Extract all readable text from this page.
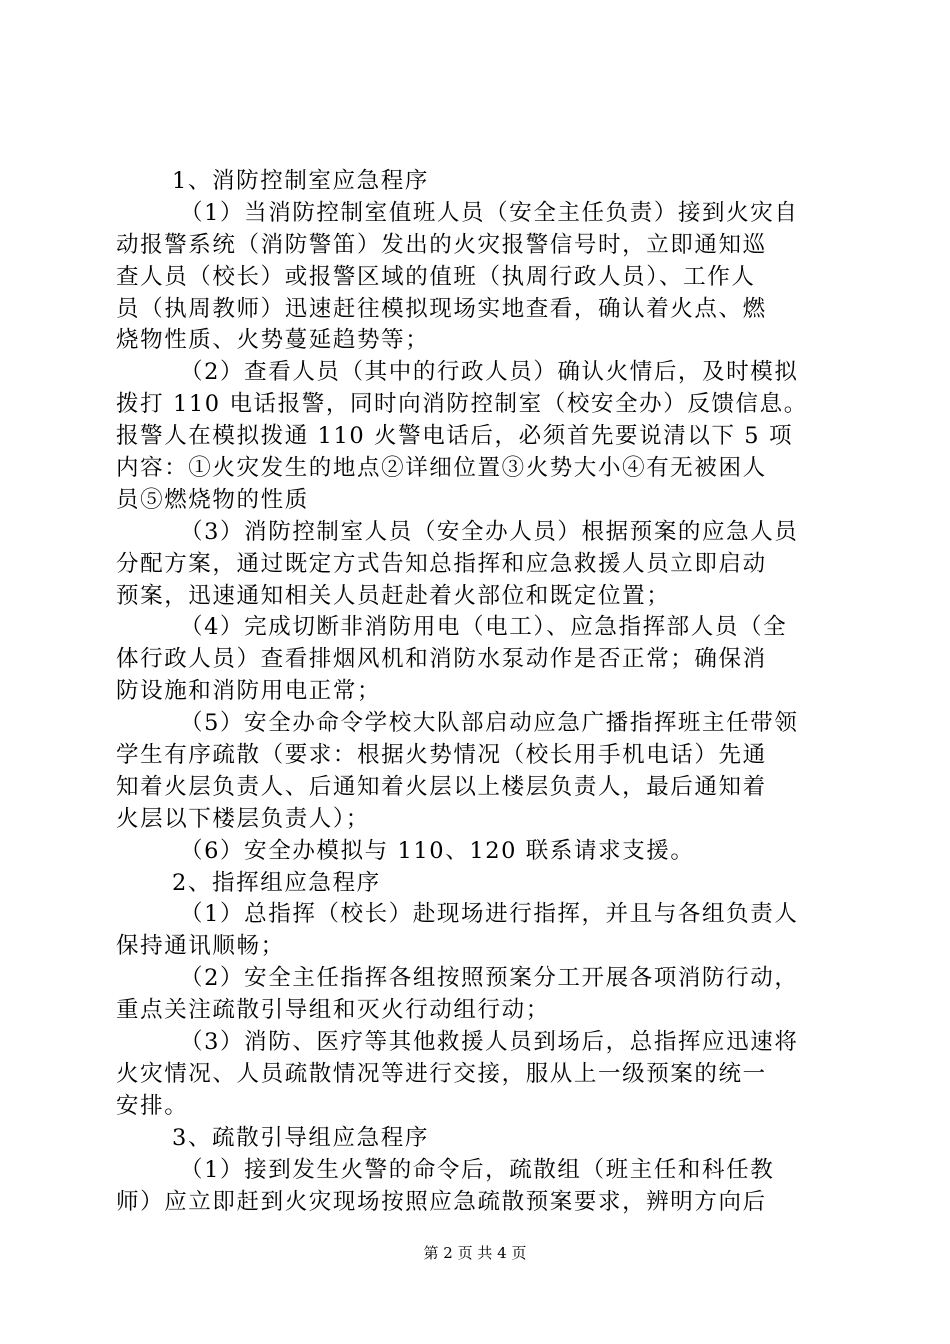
1、消防控制室应急程序
（1）当消防控制室值班人员（安全主任负责）接到火灾自
动报警系统（消防警笛）发出的火灾报警信号时，立即通知巡
查人员（校长）或报警区域的值班（执周行政人员）、工作人
员（执周教师）迅速赶往模拟现场实地查看，确认着火点、燃
烧物性质、火势蔓延趋势等；
（2）查看人员（其中的行政人员）确认火情后，及时模拟
拨打 110 电话报警，同时向消防控制室（校安全办）反馈信息。
报警人在模拟拨通 110 火警电话后，必须首先要说清以下 5 项
内容：①火灾发生的地点②详细位置③火势大小④有无被困人
员⑤燃烧物的性质
（3）消防控制室人员（安全办人员）根据预案的应急人员
分配方案，通过既定方式告知总指挥和应急救援人员立即启动
预案，迅速通知相关人员赶赴着火部位和既定位置；
（4）完成切断非消防用电（电工）、应急指挥部人员（全
体行政人员）查看排烟风机和消防水泵动作是否正常；确保消
防设施和消防用电正常；
（5）安全办命令学校大队部启动应急广播指挥班主任带领
学生有序疏散（要求：根据火势情况（校长用手机电话）先通
知着火层负责人、后通知着火层以上楼层负责人，最后通知着
火层以下楼层负责人）；
（6）安全办模拟与 110、120 联系请求支援。
2、指挥组应急程序
（1）总指挥（校长）赴现场进行指挥，并且与各组负责人
保持通讯顺畅；
（2）安全主任指挥各组按照预案分工开展各项消防行动，
重点关注疏散引导组和灭火行动组行动；
（3）消防、医疗等其他救援人员到场后，总指挥应迅速将
火灾情况、人员疏散情况等进行交接，服从上一级预案的统一
安排。
3、疏散引导组应急程序
（1）接到发生火警的命令后，疏散组（班主任和科任教
师）应立即赶到火灾现场按照应急疏散预案要求，辨明方向后
第 2 页 共 4 页
